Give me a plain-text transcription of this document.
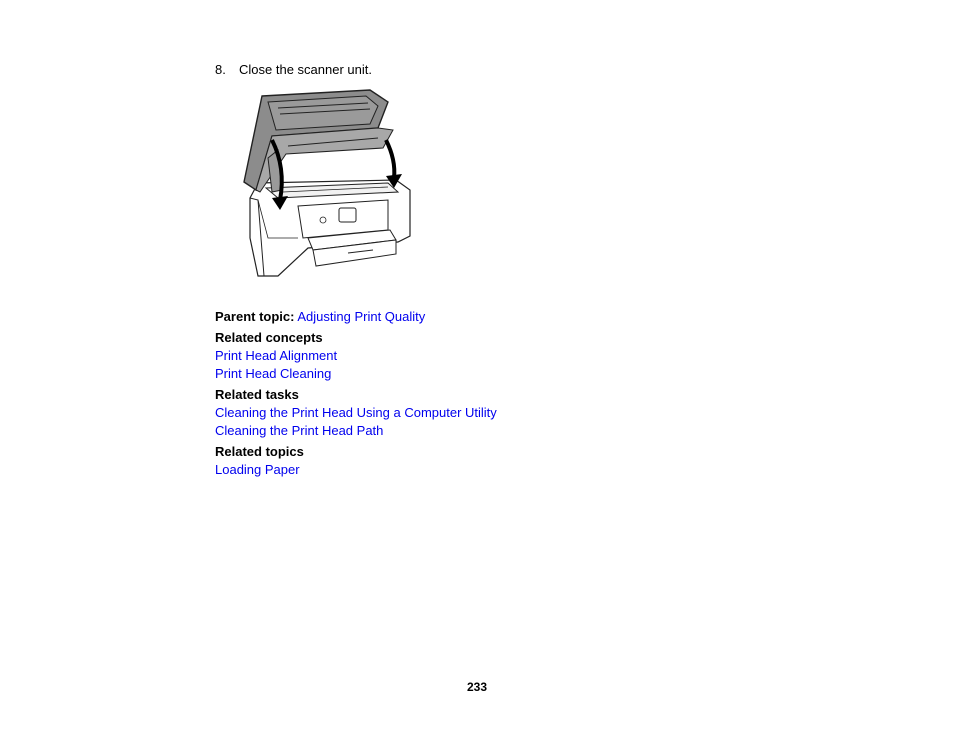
8. Close the scanner unit.
Parent topic: Adjusting Print Quality
Related concepts
Print Head Alignment
Print Head Cleaning
Related tasks
Cleaning the Print Head Using a Computer Utility
Cleaning the Print Head Path
Related topics
Loading Paper
233
